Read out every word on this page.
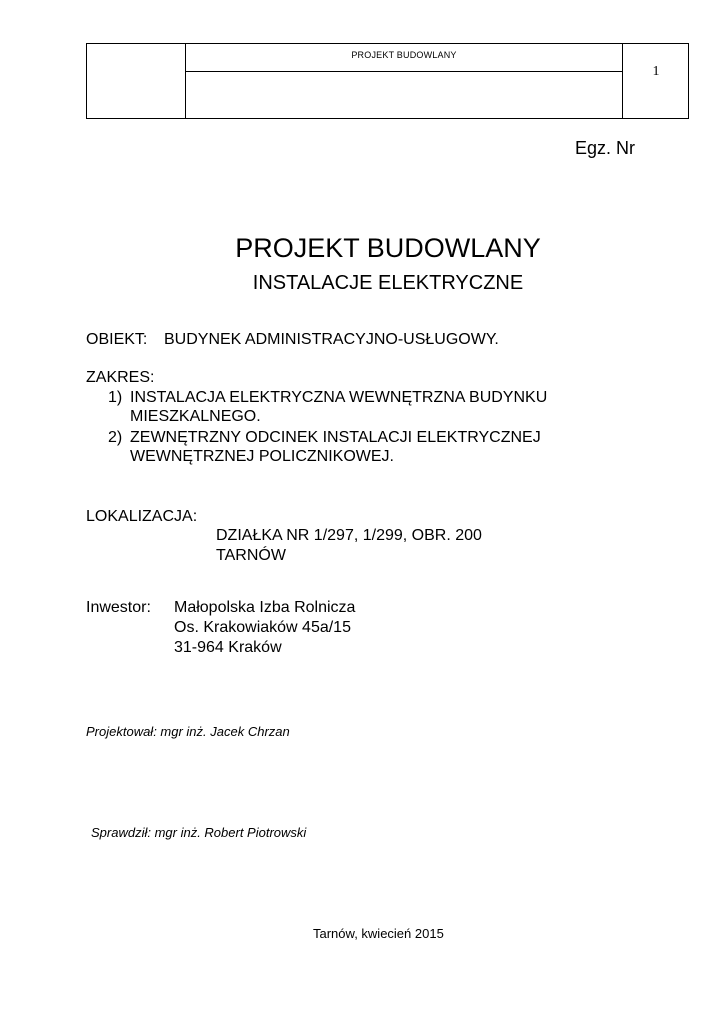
PROJEKT BUDOWLANY
1
Egz. Nr
PROJEKT BUDOWLANY
INSTALACJE ELEKTRYCZNE
OBIEKT: BUDYNEK ADMINISTRACYJNO-USŁUGOWY.
ZAKRES:
1) INSTALACJA ELEKTRYCZNA WEWNĘTRZNA BUDYNKU
MIESZKALNEGO.
2) ZEWNĘTRZNY ODCINEK INSTALACJI ELEKTRYCZNEJ
WEWNĘTRZNEJ POLICZNIKOWEJ.
LOKALIZACJA:
DZIAŁKA NR 1/297, 1/299, OBR. 200
TARNÓW
Inwestor: Małopolska Izba Rolnicza
Os. Krakowiaków 45a/15
31-964 Kraków
Projektował: mgr inż. Jacek Chrzan
Sprawdził: mgr inż. Robert Piotrowski
Tarnów, kwiecień 2015
